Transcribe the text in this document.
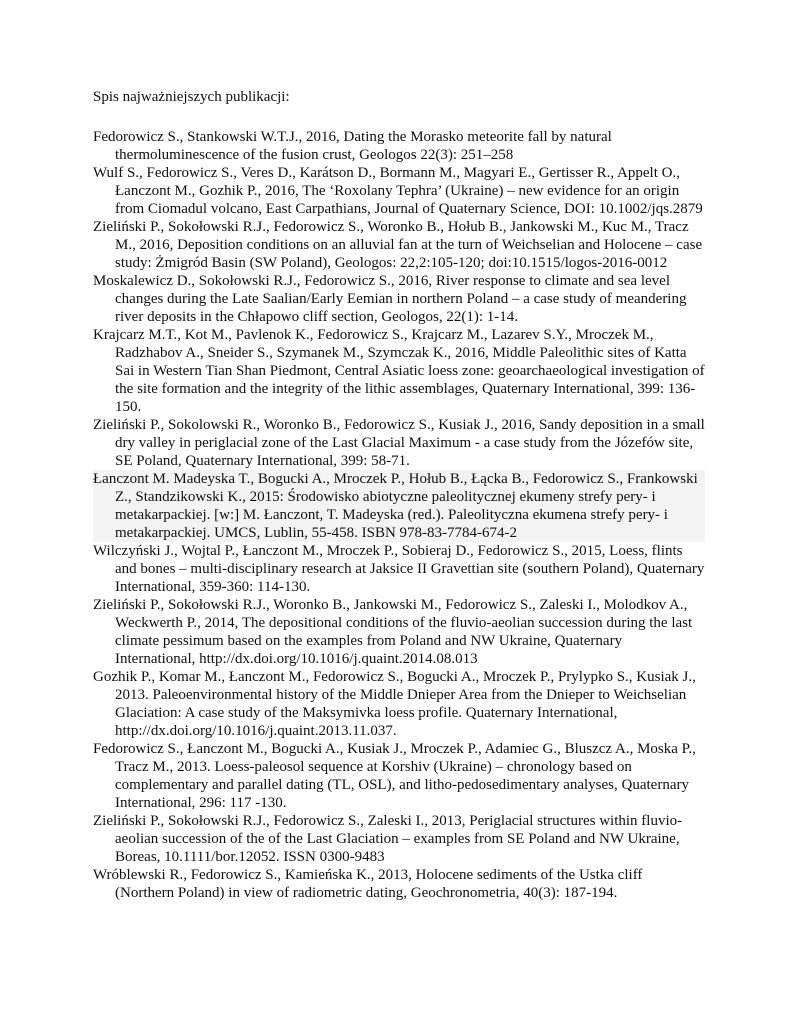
Spis najważniejszych publikacji:

Fedorowicz S., Stankowski W.T.J., 2016, Dating the Morasko meteorite fall by natural thermoluminescence of the fusion crust, Geologos 22(3): 251–258
Wulf S., Fedorowicz S., Veres D., Karátson D., Bormann M., Magyari E., Gertisser R., Appelt O., Łanczont M., Gozhik P., 2016, The ‘Roxolany Tephra’ (Ukraine) – new evidence for an origin from Ciomadul volcano, East Carpathians, Journal of Quaternary Science, DOI: 10.1002/jqs.2879
Zieliński P., Sokołowski R.J., Fedorowicz S., Woronko B., Hołub B., Jankowski M., Kuc M., Tracz M., 2016, Deposition conditions on an alluvial fan at the turn of Weichselian and Holocene – case study: Żmigród Basin (SW Poland), Geologos: 22,2:105-120; doi:10.1515/logos-2016-0012
Moskalewicz D., Sokołowski R.J., Fedorowicz S., 2016, River response to climate and sea level changes during the Late Saalian/Early Eemian in northern Poland – a case study of meandering river deposits in the Chłapowo cliff section, Geologos, 22(1): 1-14.
Krajcarz M.T., Kot M., Pavlenok K., Fedorowicz S., Krajcarz M., Lazarev S.Y., Mroczek M., Radzhabov A., Sneider S., Szymanek M., Szymczak K., 2016, Middle Paleolithic sites of Katta Sai in Western Tian Shan Piedmont, Central Asiatic loess zone: geoarchaeological investigation of the site formation and the integrity of the lithic assemblages, Quaternary International, 399: 136-150.
Zieliński P., Sokolowski R., Woronko B., Fedorowicz S., Kusiak J., 2016, Sandy deposition in a small dry valley in periglacial zone of the Last Glacial Maximum - a case study from the Józefów site, SE Poland, Quaternary International, 399: 58-71.
Łanczont M. Madeyska T., Bogucki A., Mroczek P., Hołub B., Łącka B., Fedorowicz S., Frankowski Z., Standzikowski K., 2015: Środowisko abiotyczne paleolitycznej ekumeny strefy pery- i metakarpackiej. [w:] M. Łanczont, T. Madeyska (red.). Paleolityczna ekumena strefy pery- i metakarpackiej. UMCS, Lublin, 55-458. ISBN 978-83-7784-674-2
Wilczyński J., Wojtal P., Łanczont M., Mroczek P., Sobieraj D., Fedorowicz S., 2015, Loess, flints and bones – multi-disciplinary research at Jaksice II Gravettian site (southern Poland), Quaternary International, 359-360: 114-130.
Zieliński P., Sokołowski R.J., Woronko B., Jankowski M., Fedorowicz S., Zaleski I., Molodkov A., Weckwerth P., 2014, The depositional conditions of the fluvio-aeolian succession during the last climate pessimum based on the examples from Poland and NW Ukraine, Quaternary International, http://dx.doi.org/10.1016/j.quaint.2014.08.013
Gozhik P., Komar M., Łanczont M., Fedorowicz S., Bogucki A., Mroczek P., Prylypko S., Kusiak J., 2013. Paleoenvironmental history of the Middle Dnieper Area from the Dnieper to Weichselian Glaciation: A case study of the Maksymivka loess profile. Quaternary International, http://dx.doi.org/10.1016/j.quaint.2013.11.037.
Fedorowicz S., Łanczont M., Bogucki A., Kusiak J., Mroczek P., Adamiec G., Bluszcz A., Moska P., Tracz M., 2013. Loess-paleosol sequence at Korshiv (Ukraine) – chronology based on complementary and parallel dating (TL, OSL), and litho-pedosedimentary analyses, Quaternary International, 296: 117 -130.
Zieliński P., Sokołowski R.J., Fedorowicz S., Zaleski I., 2013, Periglacial structures within fluvio-aeolian succession of the of the Last Glaciation – examples from SE Poland and NW Ukraine, Boreas, 10.1111/bor.12052. ISSN 0300-9483
Wróblewski R., Fedorowicz S., Kamieńska K., 2013, Holocene sediments of the Ustka cliff (Northern Poland) in view of radiometric dating, Geochronometria, 40(3): 187-194.
